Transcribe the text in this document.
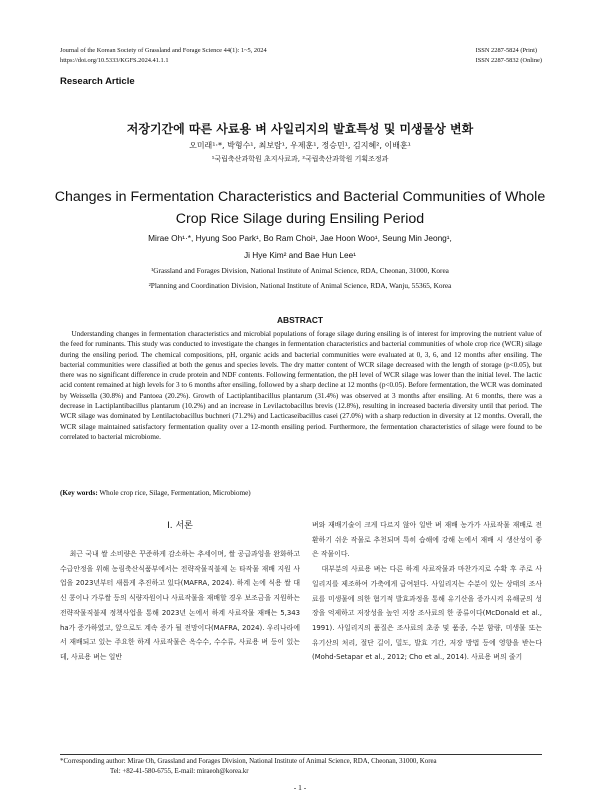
Journal of the Korean Society of Grassland and Forage Science 44(1): 1~5, 2024
https://doi.org/10.5333/KGFS.2024.41.1.1
ISSN 2287-5824 (Print)
ISSN 2287-5832 (Online)
Research Article
저장기간에 따른 사료용 벼 사일리지의 발효특성 및 미생물상 변화
오미래¹·*, 박형수¹, 최보람¹, 우제훈¹, 정승민¹, 김지혜², 이배훈¹
¹국립축산과학원 초지사료과, ²국립축산과학원 기획조정과
Changes in Fermentation Characteristics and Bacterial Communities of Whole
Crop Rice Silage during Ensiling Period
Mirae Oh¹·*, Hyung Soo Park¹, Bo Ram Choi¹, Jae Hoon Woo¹, Seung Min Jeong¹,
Ji Hye Kim² and Bae Hun Lee¹
¹Grassland and Forages Division, National Institute of Animal Science, RDA, Cheonan, 31000, Korea
²Planning and Coordination Division, National Institute of Animal Science, RDA, Wanju, 55365, Korea
ABSTRACT
Understanding changes in fermentation characteristics and microbial populations of forage silage during ensiling is of interest for improving the nutrient value of the feed for ruminants. This study was conducted to investigate the changes in fermentation characteristics and bacterial communities of whole crop rice (WCR) silage during the ensiling period. The chemical compositions, pH, organic acids and bacterial communities were evaluated at 0, 3, 6, and 12 months after ensiling. The bacterial communities were classified at both the genus and species levels. The dry matter content of WCR silage decreased with the length of storage (p<0.05), but there was no significant difference in crude protein and NDF contents. Following fermentation, the pH level of WCR silage was lower than the initial level. The lactic acid content remained at high levels for 3 to 6 months after ensiling, followed by a sharp decline at 12 months (p<0.05). Before fermentation, the WCR was dominated by Weissella (30.8%) and Pantoea (20.2%). Growth of Lactiplantibacillus plantarum (31.4%) was observed at 3 months after ensiling. At 6 months, there was a decrease in Lactiplantibacillus plantarum (10.2%) and an increase in Levilactobacillus brevis (12.8%), resulting in increased bacteria diversity until that period. The WCR silage was dominated by Lentilactobacillus buchneri (71.2%) and Lacticaseibacillus casei (27.0%) with a sharp reduction in diversity at 12 months. Overall, the WCR silage maintained satisfactory fermentation quality over a 12-month ensiling period. Furthermore, the fermentation characteristics of silage were found to be correlated to bacterial microbiome.
(Key words: Whole crop rice, Silage, Fermentation, Microbiome)
Ⅰ. 서론
최근 국내 쌀 소비량은 꾸준하게 감소하는 추세이며, 쌀 공급과잉을 완화하고 수급안정을 위해 농림축산식품부에서는 전략작물직불제 논 타작물 재배 지원 사업을 2023년부터 새롭게 추진하고 있다(MAFRA, 2024). 하계 논에 식용 쌀 대신 콩이나 가루쌀 등의 식량자원이나 사료작물을 재배할 경우 보조금을 지원하는 전략작물직불제 정책사업을 통해 2023년 논에서 하계 사료작물 재배는 5,343 ha가 증가하였고, 앞으로도 계속 증가 될 전망이다(MAFRA, 2024). 우리나라에서 재배되고 있는 주요한 하계 사료작물은 옥수수, 수수류, 사료용 벼 등이 있는데, 사료용 벼는 일반

벼와 재배기술이 크게 다르지 않아 일반 벼 재배 농가가 사료작물 재배로 전환하기 쉬운 작물로 추천되며 특히 습해에 강해 논에서 재배 시 생산성이 좋은 작물이다.

대부분의 사료용 벼는 다른 하계 사료작물과 마찬가지로 수확 후 주로 사일리지를 제조하여 가축에게 급여된다. 사일리지는 수분이 있는 상태의 조사료를 미생물에 의한 혐기적 발효과정을 통해 유기산을 증가시켜 유해균의 성장을 억제하고 저장성을 높인 저장 조사료의 한 종류이다(McDonald et al., 1991). 사일리지의 품질은 조사료의 초종 및 품종, 수분 함량, 미생물 또는 유기산의 처리, 절단 길이, 밀도, 발효 기간, 저장 방법 등에 영향을 받는다(Mohd-Setapar et al., 2012; Cho et al., 2014). 사료용 벼의 줄기

*Corresponding author: Mirae Oh, Grassland and Forages Division, National Institute of Animal Science, RDA, Cheonan, 31000, Korea
Tel: +82-41-580-6755, E-mail: miraeoh@korea.kr
- 1 -
